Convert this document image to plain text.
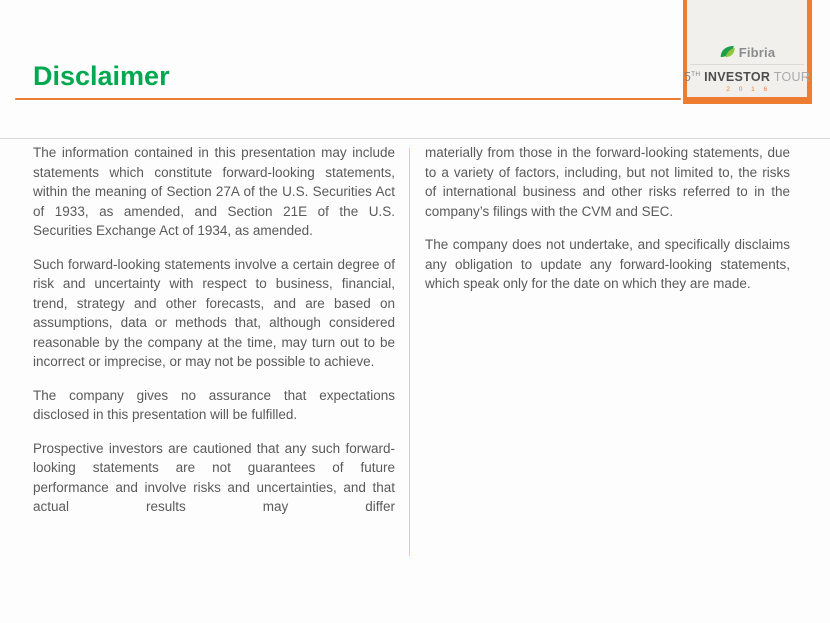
Fibria
5TH INVESTOR TOUR
2 0 1 6
Disclaimer

The information contained in this presentation may include statements which constitute forward-looking statements, within the meaning of Section 27A of the U.S. Securities Act of 1933, as amended, and Section 21E of the U.S. Securities Exchange Act of 1934, as amended.

Such forward-looking statements involve a certain degree of risk and uncertainty with respect to business, financial, trend, strategy and other forecasts, and are based on assumptions, data or methods that, although considered reasonable by the company at the time, may turn out to be incorrect or imprecise, or may not be possible to achieve.

The company gives no assurance that expectations disclosed in this presentation will be fulfilled.

Prospective investors are cautioned that any such forward-looking statements are not guarantees of future performance and involve risks and uncertainties, and that actual results may differ

materially from those in the forward-looking statements, due to a variety of factors, including, but not limited to, the risks of international business and other risks referred to in the company’s filings with the CVM and SEC.

The company does not undertake, and specifically disclaims any obligation to update any forward-looking statements, which speak only for the date on which they are made.
